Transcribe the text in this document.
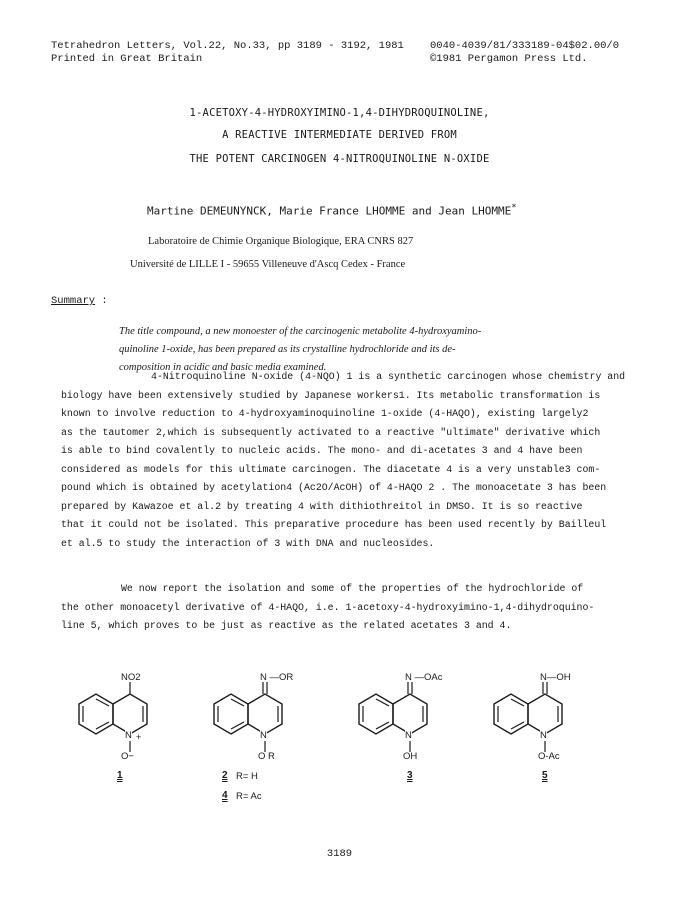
Tetrahedron Letters, Vol.22, No.33, pp 3189 - 3192, 1981
Printed in Great Britain
0040-4039/81/333189-04$02.00/0
©1981 Pergamon Press Ltd.
1-ACETOXY-4-HYDROXYIMINO-1,4-DIHYDROQUINOLINE,
A REACTIVE INTERMEDIATE DERIVED FROM
THE POTENT CARCINOGEN 4-NITROQUINOLINE N-OXIDE
Martine DEMEUNYNCK, Marie France LHOMME and Jean LHOMME*
Laboratoire de Chimie Organique Biologique, ERA CNRS 827
Université de LILLE I - 59655 Villeneuve d'Ascq Cedex - France
Summary :
The title compound, a new monoester of the carcinogenic metabolite 4-hydroxyamino-
quinoline 1-oxide, has been prepared as its crystalline hydrochloride and its de-
composition in acidic and basic media examined.
4-Nitroquinoline N-oxide (4-NQO) 1 is a synthetic carcinogen whose chemistry and
biology have been extensively studied by Japanese workers1. Its metabolic transformation is
known to involve reduction to 4-hydroxyaminoquinoline 1-oxide (4-HAQO), existing largely2
as the tautomer 2,which is subsequently activated to a reactive "ultimate" derivative which
is able to bind covalently to nucleic acids. The mono- and di-acetates 3 and 4 have been
considered as models for this ultimate carcinogen. The diacetate 4 is a very unstable3 com-
pound which is obtained by acetylation4 (Ac2O/AcOH) of 4-HAQO 2 . The monoacetate 3 has been
prepared by Kawazoe et al.2 by treating 4 with dithiothreitol in DMSO. It is so reactive
that it could not be isolated. This preparative procedure has been used recently by Bailleul
et al.5 to study the interaction of 3 with DNA and nucleosides.
We now report the isolation and some of the properties of the hydrochloride of
the other monoacetyl derivative of 4-HAQO, i.e. 1-acetoxy-4-hydroxyimino-1,4-dihydroquino-
line 5, which proves to be just as reactive as the related acetates 3 and 4.
NO2
N +
O−
1
N —OR
N
O R
2 R= H
4 R= Ac
N —OAc
N
OH
3
N—OH
N
O-Ac
5
3189
